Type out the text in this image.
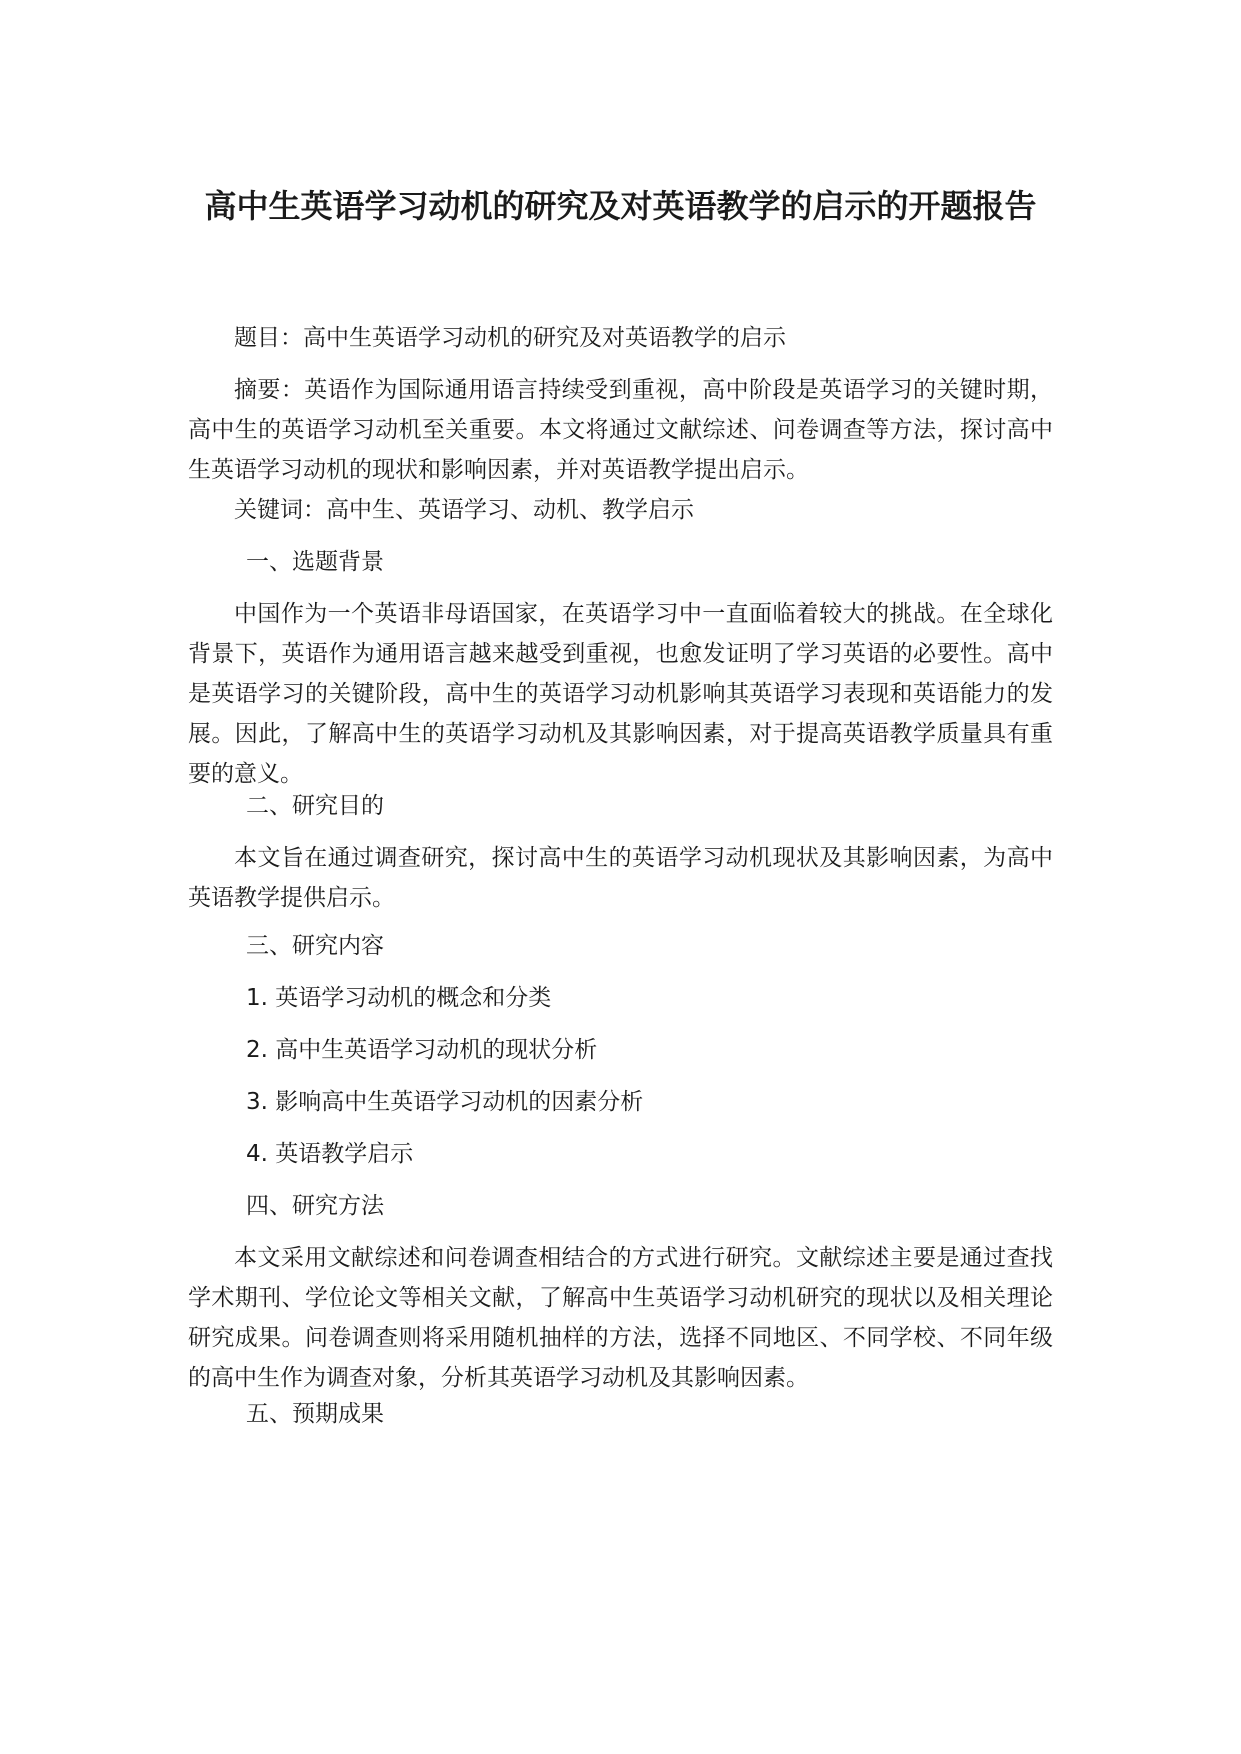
高中生英语学习动机的研究及对英语教学的启示的开题报告
题目：高中生英语学习动机的研究及对英语教学的启示
摘要：英语作为国际通用语言持续受到重视，高中阶段是英语学习的关键时期，高中生的英语学习动机至关重要。本文将通过文献综述、问卷调查等方法，探讨高中生英语学习动机的现状和影响因素，并对英语教学提出启示。
关键词：高中生、英语学习、动机、教学启示
一、选题背景
中国作为一个英语非母语国家，在英语学习中一直面临着较大的挑战。在全球化背景下，英语作为通用语言越来越受到重视，也愈发证明了学习英语的必要性。高中是英语学习的关键阶段，高中生的英语学习动机影响其英语学习表现和英语能力的发展。因此，了解高中生的英语学习动机及其影响因素，对于提高英语教学质量具有重要的意义。
二、研究目的
本文旨在通过调查研究，探讨高中生的英语学习动机现状及其影响因素，为高中英语教学提供启示。
三、研究内容
1. 英语学习动机的概念和分类
2. 高中生英语学习动机的现状分析
3. 影响高中生英语学习动机的因素分析
4. 英语教学启示
四、研究方法
本文采用文献综述和问卷调查相结合的方式进行研究。文献综述主要是通过查找学术期刊、学位论文等相关文献，了解高中生英语学习动机研究的现状以及相关理论研究成果。问卷调查则将采用随机抽样的方法，选择不同地区、不同学校、不同年级的高中生作为调查对象，分析其英语学习动机及其影响因素。
五、预期成果
